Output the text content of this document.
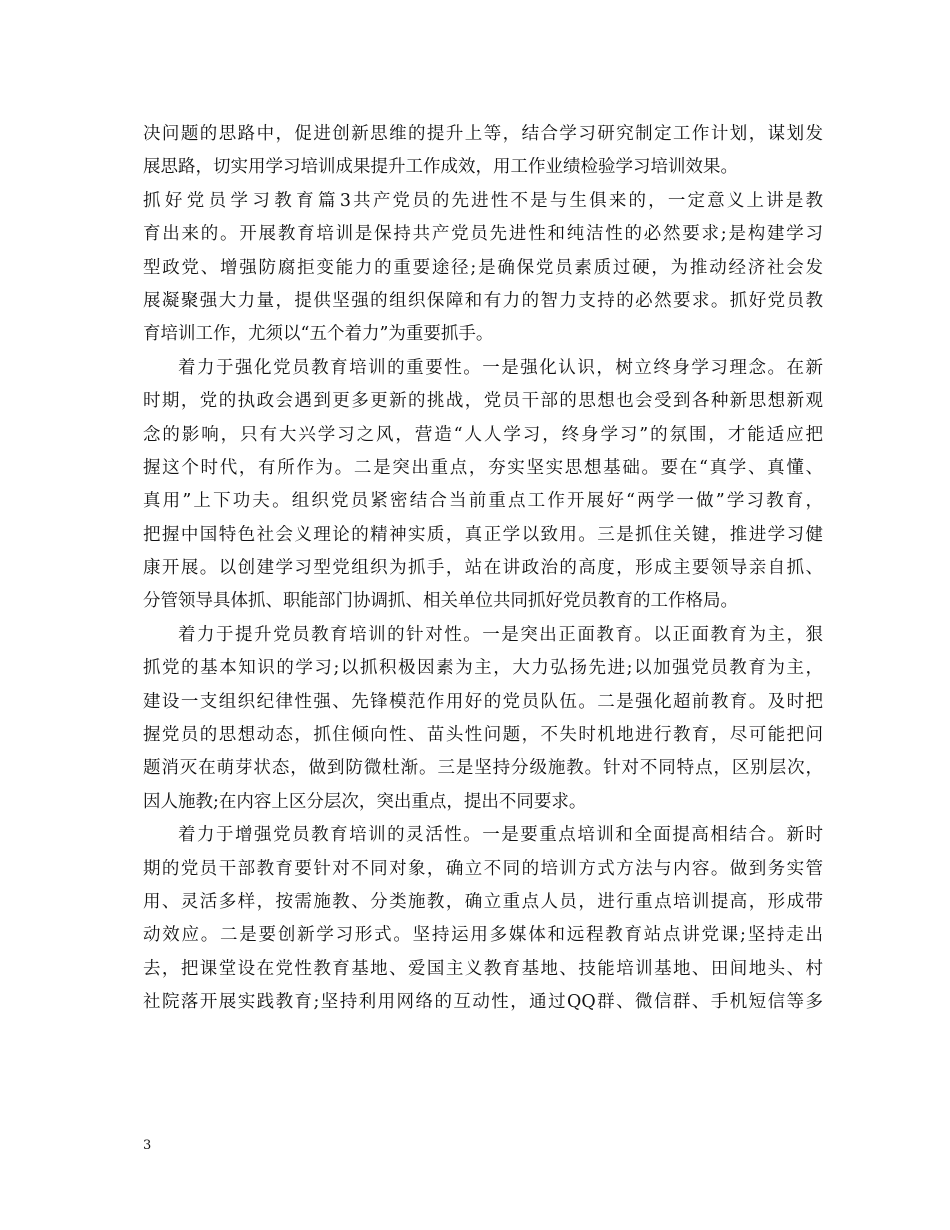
决问题的思路中，促进创新思维的提升上等，结合学习研究制定工作计划，谋划发
展思路，切实用学习培训成果提升工作成效，用工作业绩检验学习培训效果。
抓好党员学习教育篇3共产党员的先进性不是与生俱来的，一定意义上讲是教
育出来的。开展教育培训是保持共产党员先进性和纯洁性的必然要求;是构建学习
型政党、增强防腐拒变能力的重要途径;是确保党员素质过硬，为推动经济社会发
展凝聚强大力量，提供坚强的组织保障和有力的智力支持的必然要求。抓好党员教
育培训工作，尤须以“五个着力”为重要抓手。
着力于强化党员教育培训的重要性。一是强化认识，树立终身学习理念。在新
时期，党的执政会遇到更多更新的挑战，党员干部的思想也会受到各种新思想新观
念的影响，只有大兴学习之风，营造“人人学习，终身学习”的氛围，才能适应把
握这个时代，有所作为。二是突出重点，夯实坚实思想基础。要在“真学、真懂、
真用”上下功夫。组织党员紧密结合当前重点工作开展好“两学一做”学习教育，
把握中国特色社会义理论的精神实质，真正学以致用。三是抓住关键，推进学习健
康开展。以创建学习型党组织为抓手，站在讲政治的高度，形成主要领导亲自抓、
分管领导具体抓、职能部门协调抓、相关单位共同抓好党员教育的工作格局。
着力于提升党员教育培训的针对性。一是突出正面教育。以正面教育为主，狠
抓党的基本知识的学习;以抓积极因素为主，大力弘扬先进;以加强党员教育为主，
建设一支组织纪律性强、先锋模范作用好的党员队伍。二是强化超前教育。及时把
握党员的思想动态，抓住倾向性、苗头性问题，不失时机地进行教育，尽可能把问
题消灭在萌芽状态，做到防微杜渐。三是坚持分级施教。针对不同特点，区别层次，
因人施教;在内容上区分层次，突出重点，提出不同要求。
着力于增强党员教育培训的灵活性。一是要重点培训和全面提高相结合。新时
期的党员干部教育要针对不同对象，确立不同的培训方式方法与内容。做到务实管
用、灵活多样，按需施教、分类施教，确立重点人员，进行重点培训提高，形成带
动效应。二是要创新学习形式。坚持运用多媒体和远程教育站点讲党课;坚持走出
去，把课堂设在党性教育基地、爱国主义教育基地、技能培训基地、田间地头、村
社院落开展实践教育;坚持利用网络的互动性，通过QQ群、微信群、手机短信等多
3
